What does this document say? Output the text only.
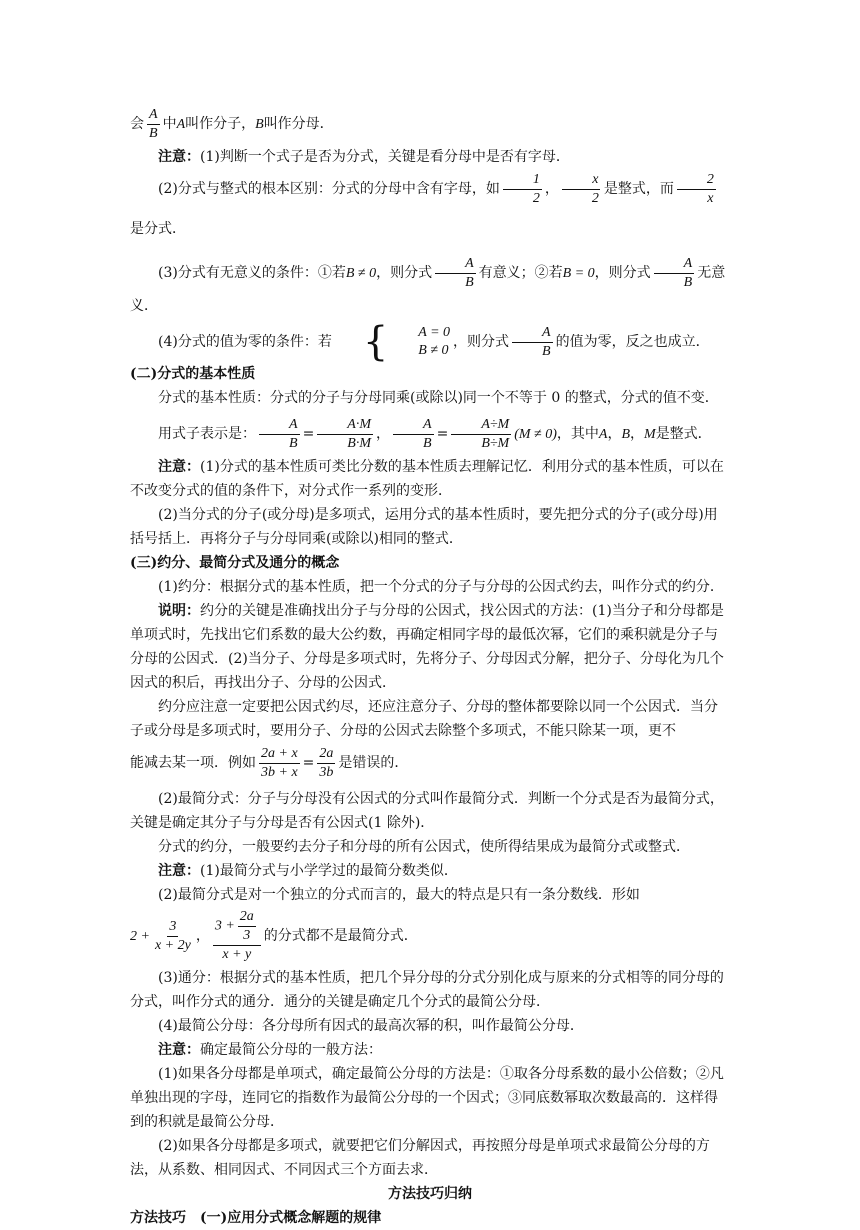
会 $\frac{A}{B}$ 中A叫作分子，B叫作分母．

注意：(1)判断一个式子是否为分式，关键是看分母中是否有字母．

(2)分式与整式的根本区别：分式的分母中含有字母，如 $\frac{1}{2}$ ， $\frac{x}{2}$ 是整式，而 $\frac{2}{x}$
是分式．

(3)分式有无意义的条件：①若B ≠ 0，则分式 $\frac{A}{B}$ 有意义；②若B = 0，则分式 $\frac{A}{B}$ 无意

义．

(4)分式的值为零的条件：若 {	A = 0
B ≠ 0
，则分式 $\frac{A}{B}$ 的值为零，反之也成立．

(二)分式的基本性质

分式的基本性质：分式的分子与分母同乘(或除以)同一个不等于 0 的整式，分式的值不变．

用式子表示是： $\frac{A}{B} = \frac{A\cdot M}{B\cdot M}$ ， $\frac{A}{B} = \frac{A\div M}{B\div M} (M \ne 0)$，其中A，B，M是整式．

注意：(1)分式的基本性质可类比分数的基本性质去理解记忆．利用分式的基本性质，可以在不改变分式的值的条件下，对分式作一系列的变形．

(2)当分式的分子(或分母)是多项式，运用分式的基本性质时，要先把分式的分子(或分母)用括号括上．再将分子与分母同乘(或除以)相同的整式．

(三)约分、最简分式及通分的概念

(1)约分：根据分式的基本性质，把一个分式的分子与分母的公因式约去，叫作分式的约分．

说明：约分的关键是准确找出分子与分母的公因式，找公因式的方法：(1)当分子和分母都是单项式时，先找出它们系数的最大公约数，再确定相同字母的最低次幂，它们的乘积就是分子与分母的公因式．(2)当分子、分母是多项式时，先将分子、分母因式分解，把分子、分母化为几个因式的积后，再找出分子、分母的公因式．

约分应注意一定要把公因式约尽，还应注意分子、分母的整体都要除以同一个公因式．当分子或分母是多项式时，要用分子、分母的公因式去除整个多项式，不能只除某一项，更不

能减去某一项．例如 $\frac{2a + x}{3b + x} = \frac{2a}{3b}$ 是错误的．

(2)最简分式：分子与分母没有公因式的分式叫作最简分式．判断一个分式是否为最简分式，关键是确定其分子与分母是否有公因式(1 除外)．

分式的约分，一般要约去分子和分母的所有公因式，使所得结果成为最简分式或整式．

注意：(1)最简分式与小学学过的最简分数类似．

(2)最简分式是对一个独立的分式而言的，最大的特点是只有一条分数线．形如

$2 + \frac{3}{x + 2y}$ ， $\frac{3 + \frac{2a}{3}}{x + y}$ 的分式都不是最简分式．

(3)通分：根据分式的基本性质，把几个异分母的分式分别化成与原来的分式相等的同分母的分式，叫作分式的通分．通分的关键是确定几个分式的最简公分母．

(4)最简公分母：各分母所有因式的最高次幂的积，叫作最简公分母．

注意：确定最简公分母的一般方法：

(1)如果各分母都是单项式，确定最简公分母的方法是：①取各分母系数的最小公倍数；②凡单独出现的字母，连同它的指数作为最简公分母的一个因式；③同底数幂取次数最高的．这样得到的积就是最简公分母．

(2)如果各分母都是多项式，就要把它们分解因式，再按照分母是单项式求最简公分母的方法，从系数、相同因式、不同因式三个方面去求．

方法技巧归纳

方法技巧　(一)应用分式概念解题的规律
